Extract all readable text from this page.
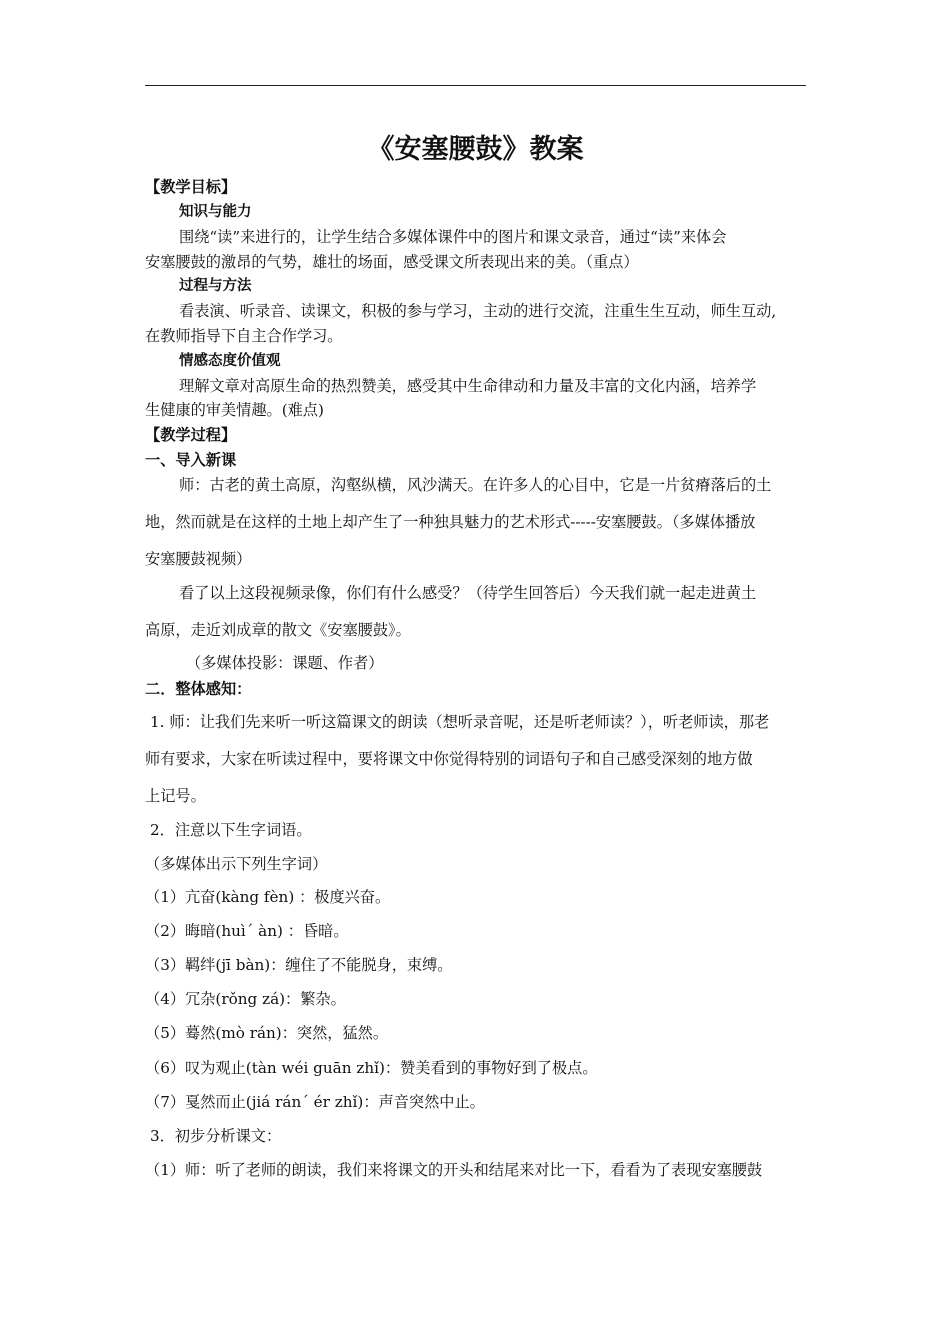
《安塞腰鼓》教案
【教学目标】
知识与能力
围绕“读”来进行的，让学生结合多媒体课件中的图片和课文录音，通过“读”来体会
安塞腰鼓的激昂的气势，雄壮的场面，感受课文所表现出来的美。（重点）
过程与方法
看表演、听录音、读课文，积极的参与学习，主动的进行交流，注重生生互动，师生互动,
在教师指导下自主合作学习。
情感态度价值观
理解文章对高原生命的热烈赞美，感受其中生命律动和力量及丰富的文化内涵，培养学
生健康的审美情趣。(难点)
【教学过程】
一、导入新课
师：古老的黄土高原，沟壑纵横，风沙满天。在许多人的心目中，它是一片贫瘠落后的土
地，然而就是在这样的土地上却产生了一种独具魅力的艺术形式-----安塞腰鼓。（多媒体播放
安塞腰鼓视频）
看了以上这段视频录像，你们有什么感受？（待学生回答后）今天我们就一起走进黄土
高原，走近刘成章的散文《安塞腰鼓》。
（多媒体投影：课题、作者）
二．整体感知：
1. 师：让我们先来听一听这篇课文的朗读（想听录音呢，还是听老师读？），听老师读，那老
师有要求，大家在听读过程中，要将课文中你觉得特别的词语句子和自己感受深刻的地方做
上记号。
2．注意以下生字词语。
（多媒体出示下列生字词）
（1）亢奋(kàng fèn) ：极度兴奋。
（2）晦暗(huìˊ àn) ：昏暗。
（3）羁绊(jī bàn)：缠住了不能脱身，束缚。
（4）冗杂(rǒng zá)：繁杂。
（5）蓦然(mò rán)：突然，猛然。
（6）叹为观止(tàn wéi guān zhǐ)：赞美看到的事物好到了极点。
（7）戛然而止(jiá ránˊ ér zhǐ)：声音突然中止。
3．初步分析课文：
（1）师：听了老师的朗读，我们来将课文的开头和结尾来对比一下，看看为了表现安塞腰鼓
